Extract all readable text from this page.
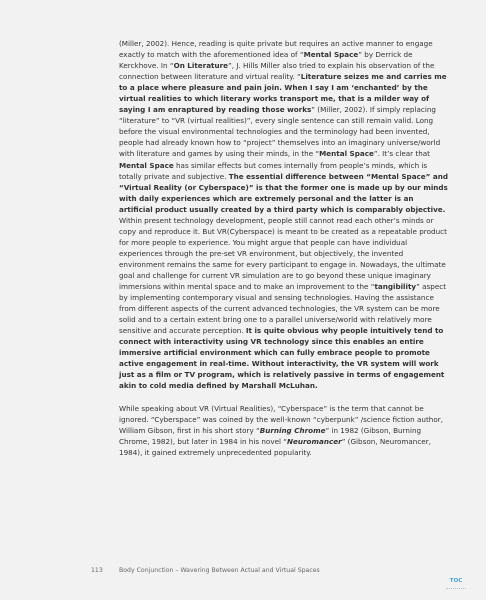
(Miller, 2002). Hence, reading is quite private but requires an active manner to engage exactly to match with the aforementioned idea of “Mental Space” by Derrick de Kerckhove. In “On Literature”, J. Hills Miller also tried to explain his observation of the connection between literature and virtual reality. “Literature seizes me and carries me to a place where pleasure and pain join. When I say I am ‘enchanted’ by the virtual realities to which literary works transport me, that is a milder way of saying I am enraptured by reading those works” (Miller, 2002). If simply replacing “literature” to “VR (virtual realities)”, every single sentence can still remain valid. Long before the visual environmental technologies and the terminology had been invented, people had already known how to “project” themselves into an imaginary universe/world with literature and games by using their minds, in the “Mental Space”. It’s clear that Mental Space has similar effects but comes internally from people’s minds, which is totally private and subjective. The essential difference between “Mental Space” and “Virtual Reality (or Cyberspace)” is that the former one is made up by our minds with daily experiences which are extremely personal and the latter is an artificial product usually created by a third party which is comparably objective. Within present technology development, people still cannot read each other’s minds or copy and reproduce it. But VR(Cyberspace) is meant to be created as a repeatable product for more people to experience. You might argue that people can have individual experiences through the pre-set VR environment, but objectively, the invented environment remains the same for every participant to engage in. Nowadays, the ultimate goal and challenge for current VR simulation are to go beyond these unique imaginary immersions within mental space and to make an improvement to the “tangibility” aspect by implementing contemporary visual and sensing technologies. Having the assistance from different aspects of the current advanced technologies, the VR system can be more solid and to a certain extent bring one to a parallel universe/world with relatively more sensitive and accurate perception. It is quite obvious why people intuitively tend to connect with interactivity using VR technology since this enables an entire immersive artificial environment which can fully embrace people to promote active engagement in real-time. Without interactivity, the VR system will work just as a film or TV program, which is relatively passive in terms of engagement akin to cold media defined by Marshall McLuhan.

While speaking about VR (Virtual Realities), “Cyberspace” is the term that cannot be ignored. “Cyberspace” was coined by the well-known “cyberpunk” /science fiction author, William Gibson, first in his short story “Burning Chrome” in 1982 (Gibson, Burning Chrome, 1982), but later in 1984 in his novel “Neuromancer” (Gibson, Neuromancer, 1984), it gained extremely unprecedented popularity.

113	Body Conjunction – Wavering Between Actual and Virtual Spaces
TOC
